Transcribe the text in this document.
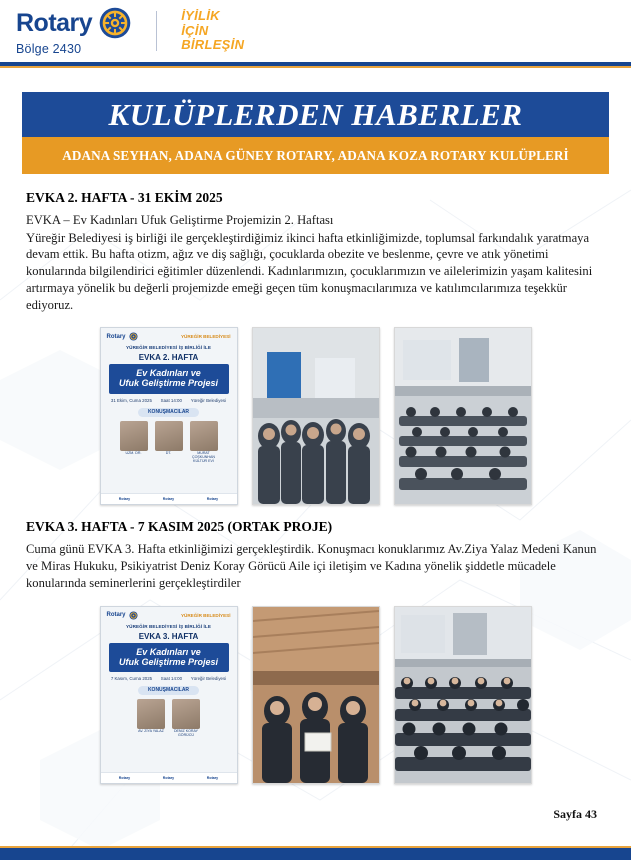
Rotary
Bölge 2430
İYİLİK
İÇİN
BİRLEŞİN
KULÜPLERDEN HABERLER
ADANA SEYHAN, ADANA GÜNEY ROTARY, ADANA KOZA ROTARY KULÜPLERİ
EVKA 2. HAFTA - 31 EKİM 2025

EVKA – Ev Kadınları Ufuk Geliştirme Projemizin 2. Haftası

Yüreğir Belediyesi iş birliği ile gerçekleştirdiğimiz ikinci hafta etkinliğimizde, toplumsal farkındalık yaratmaya devam ettik. Bu hafta otizm, ağız ve diş sağlığı, çocuklarda obezite ve beslenme, çevre ve atık yönetimi konularında bilgilendirici eğitimler düzenlendi. Kadınlarımızın, çocuklarımızın ve ailelerimizin yaşam kalitesini artırmaya yönelik bu değerli projemizde emeği geçen tüm konuşmacılarımıza ve katılımcılarımıza teşekkür ediyoruz.

Rotary	YÜREĞİR BELEDİYESİ
YÜREĞİR BELEDİYESİ İŞ BİRLİĞİ İLE
EVKA 2. HAFTA
Ev Kadınları ve
Ufuk Geliştirme Projesi
31 Ekim, Cuma 2025 Saat 14:00 Yüreğir Belediyesi
KONUŞMACILAR
UZM. DR.	DT.	MURAT ÇOŞKUNHAN KÜLTÜR EVİ
Rotary	Rotary	Rotary
EVKA 3. HAFTA - 7 KASIM 2025 (ORTAK PROJE)

Cuma günü EVKA 3. Hafta etkinliğimizi gerçekleştirdik. Konuşmacı konuklarımız Av.Ziya Yalaz Medeni Kanun ve Miras Hukuku, Psikiyatrist Deniz Koray Görücü Aile içi iletişim ve Kadına yönelik şiddetle mücadele konularında seminerlerini gerçekleştirdiler

Rotary	YÜREĞİR BELEDİYESİ
YÜREĞİR BELEDİYESİ İŞ BİRLİĞİ İLE
EVKA 3. HAFTA
Ev Kadınları ve
Ufuk Geliştirme Projesi
7 Kasım, Cuma 2025 Saat 14:00 Yüreğir Belediyesi
KONUŞMACILAR
AV. ZİYA YALAZ	DENİZ KORAY GÖRÜCÜ
Rotary	Rotary	Rotary
Sayfa 43
